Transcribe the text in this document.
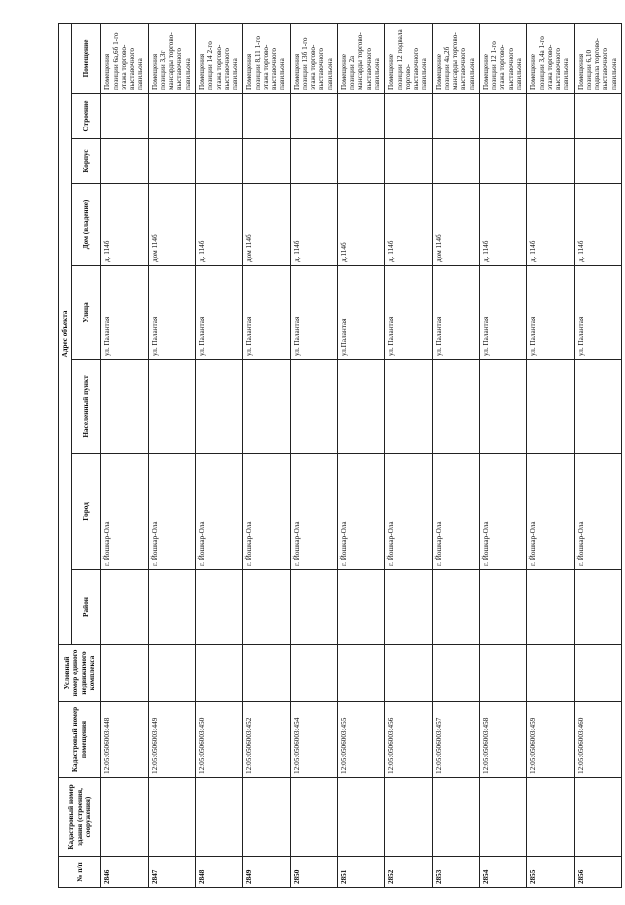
№ п/п	Кадастровый номер здания (строения, сооружения)	Кадастровый номер помещения	Условный номер единого недвижимого комплекса	Адрес объекта							
				Район	Город	Населенный пункт	Улица	Дом (владение)	Корпус	Строение	Помещение
2846		12:05:0506003:448			г. Йошкар-Ола		ул. Палантая	д. 114б			Помещения позиции 6а,6б 1-го этажа торгово-выставочного павильона
2847		12:05:0506003:449			г. Йошкар-Ола		ул. Палантая	дом 114б			Помещения позиции 3,3г мансарды торгово-выставочного павильона
2848		12:05:0506003:450			г. Йошкар-Ола		ул. Палантая	д. 114б			Помещения позиции 14 2-го этажа торгово-выставочного павильона
2849		12:05:0506003:452			г. Йошкар-Ола		ул. Палантая	дом 114б			Помещения позиции 8,11 1-го этажа торгово-выставочного павильона
2850		12:05:0506003:454			г. Йошкар-Ола		ул. Палантая	д. 114б			Помещения позиции 13б 1-го этажа торгово-выставочного павильона
2851		12:05:0506003:455			г. Йошкар-Ола		ул.Палантая	д.114б			Помещение позиции 2а мансарды торгово-выставочного павильона
2852		12:05:0506003:456			г. Йошкар-Ола		ул. Палантая	д. 114б			Помещение позиции 12 подвала торгово-выставочного павильона
2853		12:05:0506003:457			г. Йошкар-Ола		ул. Палантая	дом 114б			Помещение позиции 4а,2б мансарды торгово-выставочного павильона
2854		12:05:0506003:458			г. Йошкар-Ола		ул. Палантая	д. 114б			Помещение позиции 12 1-го этажа торгово-выставочного павильона
2855		12:05:0506003:459			г. Йошкар-Ола		ул. Палантая	д. 114б			Помещение позиции 3,4а 1-го этажа торгово-выставочного павильона
2856		12:05:0506003:460			г. Йошкар-Ола		ул. Палантая	д. 114б			Помещения позиции 6,10 подвала торгово-выставочного павильона
